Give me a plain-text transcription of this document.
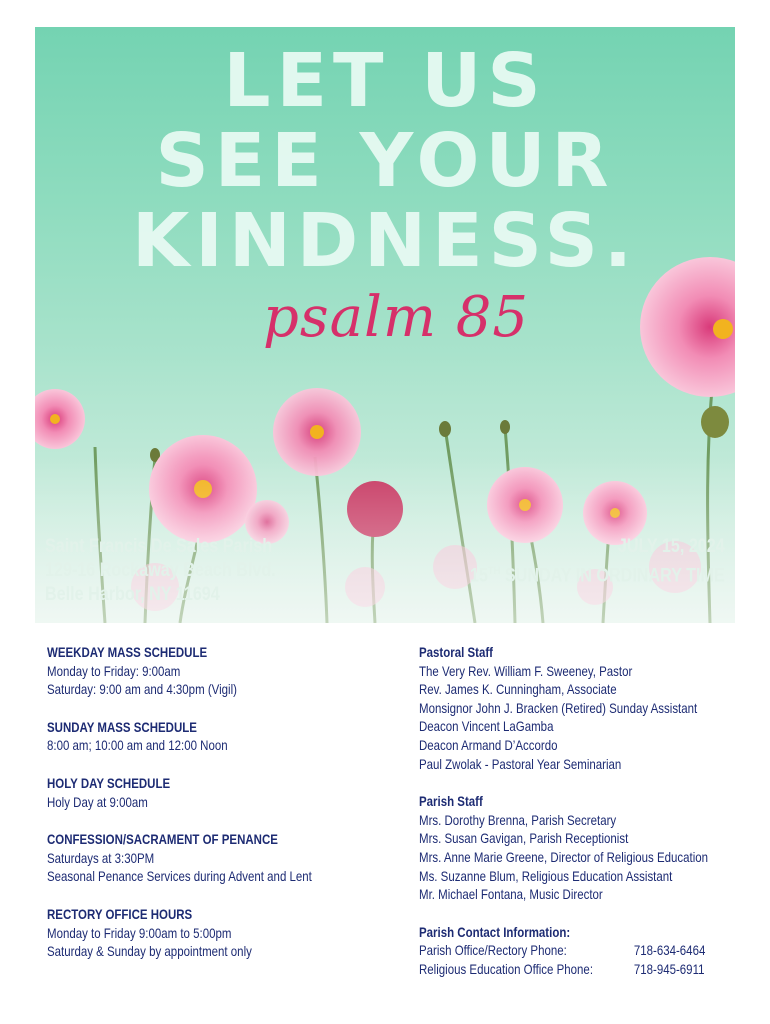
LET US
SEE YOUR
KINDNESS.
psalm 85
Saint Francis De Sales Parish
129-16 Rockaway Beach Blvd.
Belle Harbor, NY 11694
JULY 15, 2024
15TH SUNDAY IN ORDINARY TIME
WEEKDAY MASS SCHEDULE
Monday to Friday: 9:00am
Saturday: 9:00 am and 4:30pm (Vigil)
SUNDAY MASS SCHEDULE
8:00 am; 10:00 am and 12:00 Noon
HOLY DAY SCHEDULE
Holy Day at 9:00am
CONFESSION/SACRAMENT OF PENANCE
Saturdays at 3:30PM
Seasonal Penance Services during Advent and Lent
RECTORY OFFICE HOURS
Monday to Friday 9:00am to 5:00pm
Saturday & Sunday by appointment only
Pastoral Staff
The Very Rev. William F. Sweeney, Pastor
Rev. James K. Cunningham, Associate
Monsignor John J. Bracken (Retired) Sunday Assistant
Deacon Vincent LaGamba
Deacon Armand D’Accordo
Paul Zwolak - Pastoral Year Seminarian
Parish Staff
Mrs. Dorothy Brenna, Parish Secretary
Mrs. Susan Gavigan, Parish Receptionist
Mrs. Anne Marie Greene, Director of Religious Education
Ms. Suzanne Blum, Religious Education Assistant
Mr. Michael Fontana, Music Director
Parish Contact Information:
Parish Office/Rectory Phone:	718-634-6464
Religious Education Office Phone:	718-945-6911
